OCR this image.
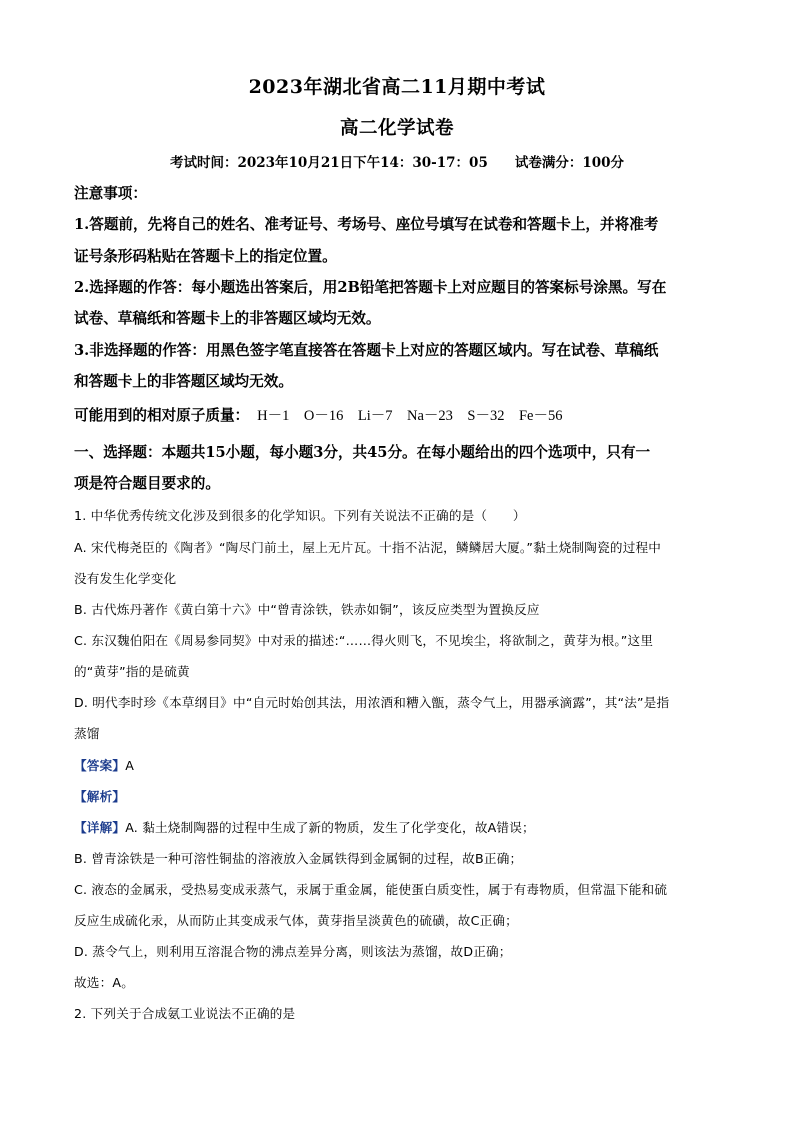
2023年湖北省高二11月期中考试
高二化学试卷
考试时间：2023年10月21日下午14：30-17：05　　试卷满分：100分
注意事项：
1.答题前，先将自己的姓名、准考证号、考场号、座位号填写在试卷和答题卡上，并将准考
证号条形码粘贴在答题卡上的指定位置。
2.选择题的作答：每小题选出答案后，用2B铅笔把答题卡上对应题目的答案标号涂黑。写在
试卷、草稿纸和答题卡上的非答题区域均无效。
3.非选择题的作答：用黑色签字笔直接答在答题卡上对应的答题区域内。写在试卷、草稿纸
和答题卡上的非答题区域均无效。
可能用到的相对原子质量： H－1　O－16　Li－7　Na－23　S－32　Fe－56
一、选择题：本题共15小题，每小题3分，共45分。在每小题给出的四个选项中，只有一
项是符合题目要求的。
1. 中华优秀传统文化涉及到很多的化学知识。下列有关说法不正确的是（　　）
A. 宋代梅尧臣的《陶者》“陶尽门前土，屋上无片瓦。十指不沾泥，鳞鳞居大厦。”黏土烧制陶瓷的过程中
没有发生化学变化
B. 古代炼丹著作《黄白第十六》中“曾青涂铁，铁赤如铜”，该反应类型为置换反应
C. 东汉魏伯阳在《周易参同契》中对汞的描述:“……得火则飞，不见埃尘，将欲制之，黄芽为根。”这里
的“黄芽”指的是硫黄
D. 明代李时珍《本草纲目》中“自元时始创其法，用浓酒和糟入甑，蒸令气上，用器承滴露”，其“法”是指
蒸馏
【答案】A
【解析】
【详解】A. 黏土烧制陶器的过程中生成了新的物质，发生了化学变化，故A错误；
B. 曾青涂铁是一种可溶性铜盐的溶液放入金属铁得到金属铜的过程，故B正确；
C. 液态的金属汞，受热易变成汞蒸气，汞属于重金属，能使蛋白质变性，属于有毒物质，但常温下能和硫
反应生成硫化汞，从而防止其变成汞气体，黄芽指呈淡黄色的硫磺，故C正确；
D. 蒸令气上，则利用互溶混合物的沸点差异分离，则该法为蒸馏，故D正确；
故选：A。
2. 下列关于合成氨工业说法不正确的是
